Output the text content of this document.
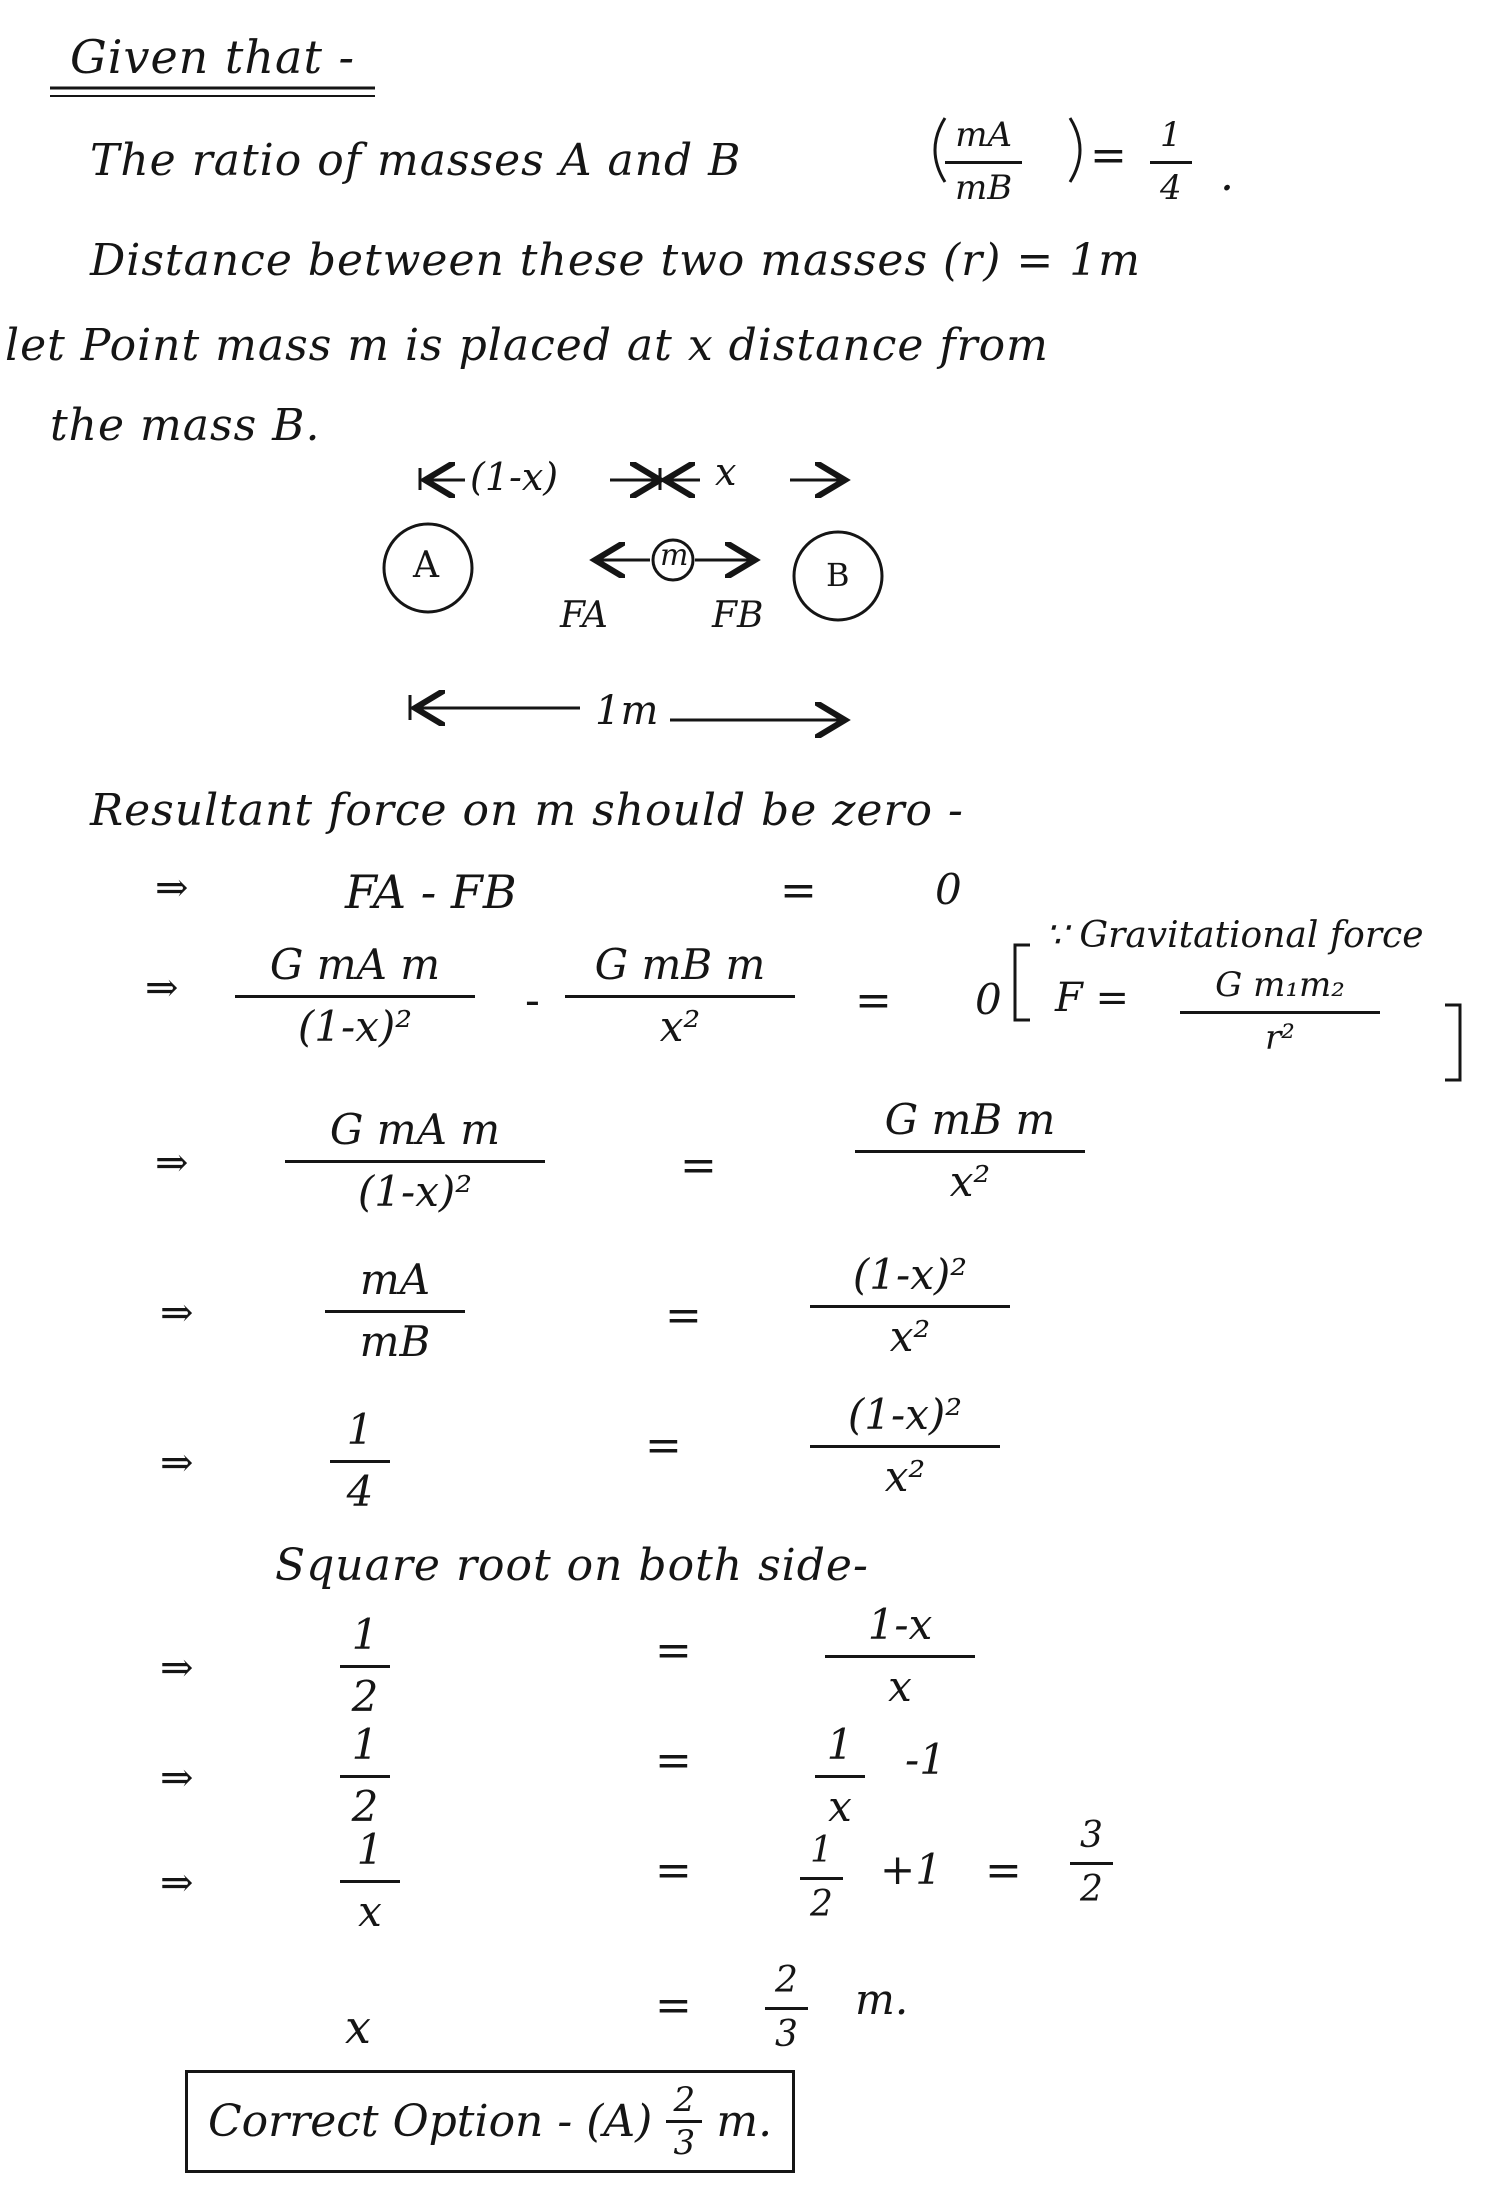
Given that -
The ratio of masses A and B	mA
mB
= 1
4 .
Distance between these two masses (r) = 1m
let Point mass m is placed at x distance from
the mass B.
(1-x)	x
A	m
B
FA	FB
1m
Resultant force on m should be zero -
⇒	FA - FB	=	0
⇒ G mA m
(1-x)²
-
G mB m
x²
= 0
∵ Gravitational force
F =	G m₁m₂
r²
⇒
G mA m
(1-x)²
=
G mB m
x²
⇒
mA
mB
=
(1-x)²
x²
⇒
1
4
=
(1-x)²
x²
Square root on both side-
⇒
1
2
=
1-x
x
⇒
1
2
=	1
x
-1
⇒
1
x
=	1
2
+1 =
3
2
x	= 2
3
m.
Correct Option - (A) 2
3 m.
